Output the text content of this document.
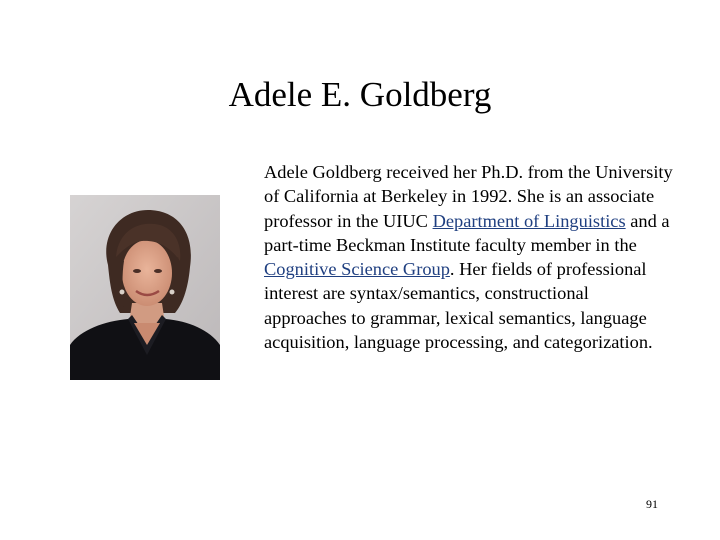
Adele E. Goldberg

Adele Goldberg received her Ph.D. from the University of California at Berkeley in 1992. She is an associate professor in the UIUC Department of Linguistics and a part-time Beckman Institute faculty member in the Cognitive Science Group. Her fields of professional interest are syntax/semantics, constructional approaches to grammar, lexical semantics, language acquisition, language processing, and categorization.

91
